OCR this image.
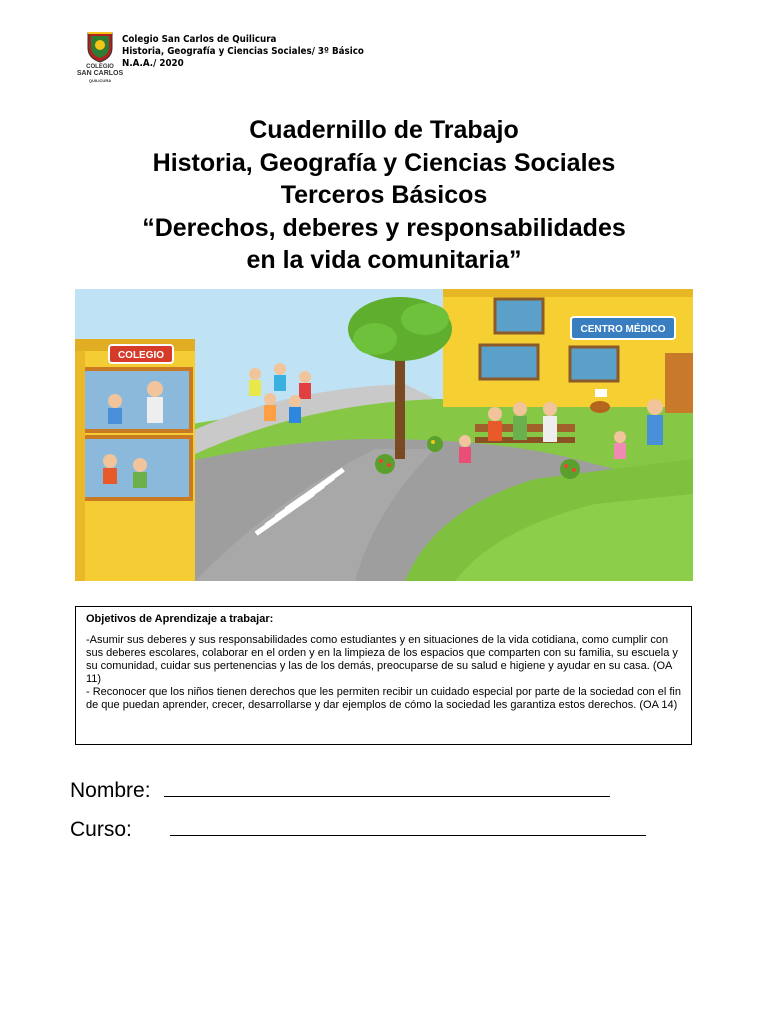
COLEGIO
SAN CARLOS
QUILICURA
Colegio San Carlos de Quilicura
Historia, Geografía y Ciencias Sociales/ 3º Básico
N.A.A./ 2020
Cuadernillo de Trabajo
Historia, Geografía y Ciencias Sociales
Terceros Básicos
“Derechos, deberes y responsabilidades
en la vida comunitaria”
CENTRO MÉDICO
COLEGIO
Objetivos de Aprendizaje a trabajar:

-Asumir sus deberes y sus responsabilidades como estudiantes y en situaciones de la vida cotidiana, como cumplir con sus deberes escolares, colaborar en el orden y en la limpieza de los espacios que comparten con su familia, su escuela y su comunidad, cuidar sus pertenencias y las de los demás, preocuparse de su salud e higiene y ayudar en su casa. (OA 11)

- Reconocer que los niños tienen derechos que les permiten recibir un cuidado especial por parte de la sociedad con el fin de que puedan aprender, crecer, desarrollarse y dar ejemplos de cómo la sociedad les garantiza estos derechos. (OA 14)

Nombre:
Curso:
